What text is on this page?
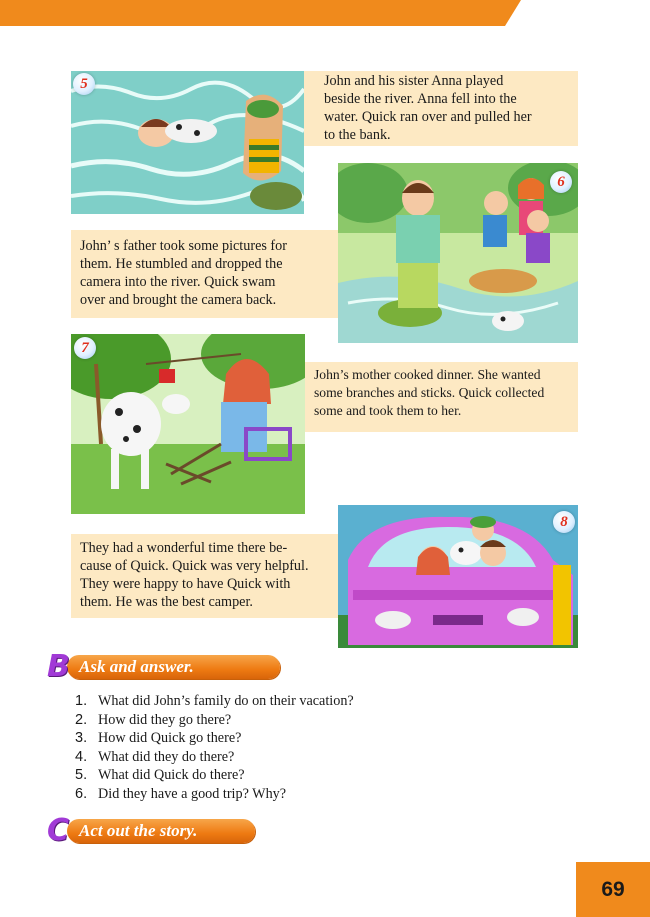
5	John and his sister Anna played
beside the river. Anna fell into the
water. Quick ran over and pulled her
to the bank.
6
John’ s father took some pictures for
them. He stumbled and dropped the
camera into the river. Quick swam
over and brought the camera back.
7
John’s mother cooked dinner. She wanted
some branches and sticks. Quick collected
some and took them to her.
8
They had a wonderful time there be-
cause of Quick. Quick was very helpful.
They were happy to have Quick with
them. He was the best camper.
Ask and answer.
B
1. What did John’s family do on their vacation?
2. How did they go there?
3. How did Quick go there?
4. What did they do there?
5. What did Quick do there?
6. Did they have a good trip? Why?
Act out the story.
C
69
